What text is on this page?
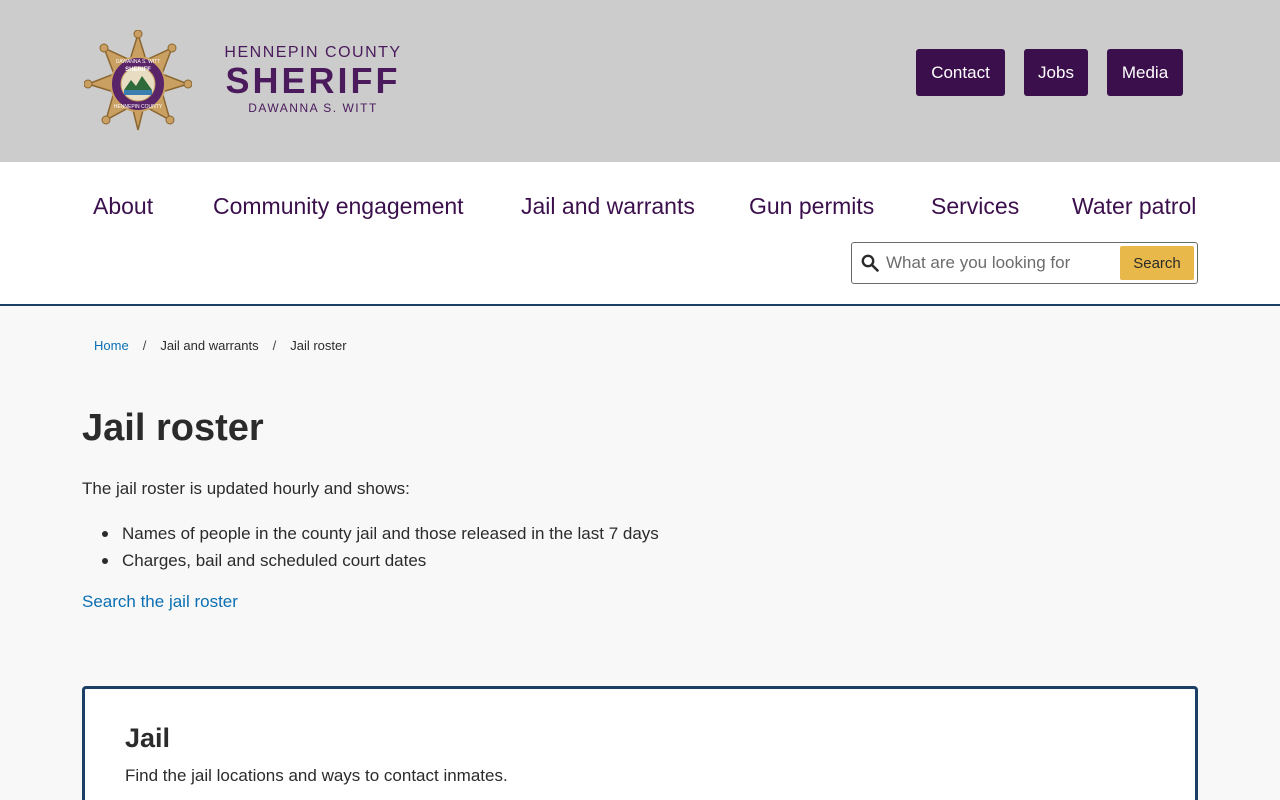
DAWANNA S. WITT
SHERIFF
HENNEPIN COUNTY
HENNEPIN COUNTY
SHERIFF
DAWANNA S. WITT
Contact	Jobs	Media
About	Community engagement Jail and warrants Gun permits Services Water patrol
What are you looking for
Search
Home / Jail and warrants / Jail roster
Jail roster

The jail roster is updated hourly and shows:

Names of people in the county jail and those released in the last 7 days
Charges, bail and scheduled court dates
Search the jail roster
Jail

Find the jail locations and ways to contact inmates.
